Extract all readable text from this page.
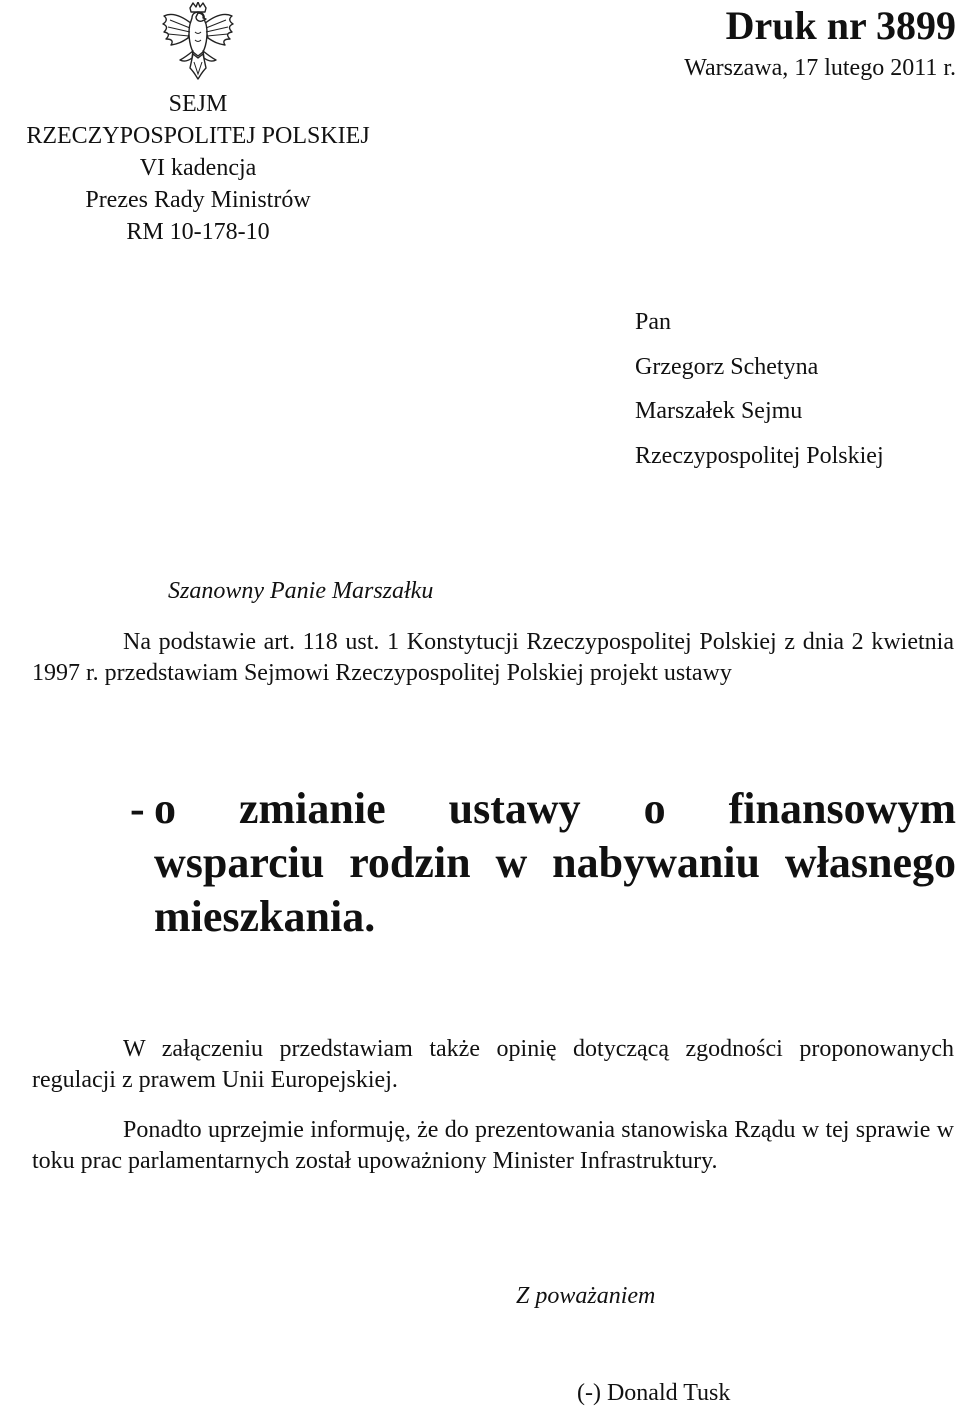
SEJM
RZECZYPOSPOLITEJ POLSKIEJ
VI kadencja
Prezes Rady Ministrów
RM 10-178-10
Druk nr 3899
Warszawa, 17 lutego 2011 r.
Pan
Grzegorz Schetyna
Marszałek Sejmu
Rzeczypospolitej Polskiej
Szanowny Panie Marszałku
Na podstawie art. 118 ust. 1 Konstytucji Rzeczypospolitej Polskiej z dnia 2 kwietnia 1997 r. przedstawiam Sejmowi Rzeczypospolitej Polskiej projekt ustawy
- o zmianie ustawy o finansowym
wsparciu rodzin w nabywaniu własnego
mieszkania.
W załączeniu przedstawiam także opinię dotyczącą zgodności proponowanych regulacji z prawem Unii Europejskiej.
Ponadto uprzejmie informuję, że do prezentowania stanowiska Rządu w tej sprawie w toku prac parlamentarnych został upoważniony Minister Infrastruktury.
Z poważaniem
(-) Donald Tusk
